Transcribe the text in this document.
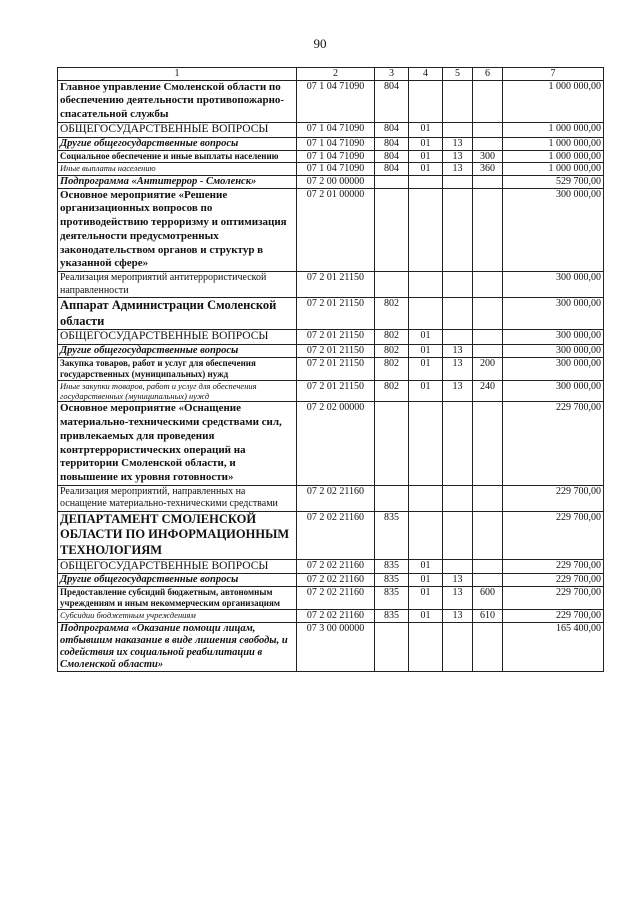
90
1	2	3	4	5	6	7
Главное управление Смоленской области по обеспечению деятельности противопожарно-спасательной службы	07 1 04 71090	804				1 000 000,00
ОБЩЕГОСУДАРСТВЕННЫЕ ВОПРОСЫ	07 1 04 71090	804	01			1 000 000,00
Другие общегосударственные вопросы	07 1 04 71090	804	01	13		1 000 000,00
Социальное обеспечение и иные выплаты населению	07 1 04 71090	804	01	13	300	1 000 000,00
Иные выплаты населению	07 1 04 71090	804	01	13	360	1 000 000,00
Подпрограмма «Антитеррор - Смоленск»	07 2 00 00000					529 700,00
Основное мероприятие «Решение организационных вопросов по противодействию терроризму и оптимизация деятельности предусмотренных законодательством органов и структур в указанной сфере»	07 2 01 00000					300 000,00
Реализация мероприятий антитеррористической направленности	07 2 01 21150					300 000,00
Аппарат Администрации Смоленской области	07 2 01 21150	802				300 000,00
ОБЩЕГОСУДАРСТВЕННЫЕ ВОПРОСЫ	07 2 01 21150	802	01			300 000,00
Другие общегосударственные вопросы	07 2 01 21150	802	01	13		300 000,00
Закупка товаров, работ и услуг для обеспечения государственных (муниципальных) нужд	07 2 01 21150	802	01	13	200	300 000,00
Иные закупки товаров, работ и услуг для обеспечения государственных (муниципальных) нужд	07 2 01 21150	802	01	13	240	300 000,00
Основное мероприятие «Оснащение материально-техническими средствами сил, привлекаемых для проведения контртеррористических операций на территории Смоленской области, и повышение их уровня готовности»	07 2 02 00000					229 700,00
Реализация мероприятий, направленных на оснащение материально-техническими средствами	07 2 02 21160					229 700,00
ДЕПАРТАМЕНТ СМОЛЕНСКОЙ ОБЛАСТИ ПО ИНФОРМАЦИОННЫМ ТЕХНОЛОГИЯМ	07 2 02 21160	835				229 700,00
ОБЩЕГОСУДАРСТВЕННЫЕ ВОПРОСЫ	07 2 02 21160	835	01			229 700,00
Другие общегосударственные вопросы	07 2 02 21160	835	01	13		229 700,00
Предоставление субсидий бюджетным, автономным учреждениям и иным некоммерческим организациям	07 2 02 21160	835	01	13	600	229 700,00
Субсидии бюджетным учреждениям	07 2 02 21160	835	01	13	610	229 700,00
Подпрограмма «Оказание помощи лицам, отбывшим наказание в виде лишения свободы, и содействия их социальной реабилитации в Смоленской области»	07 3 00 00000					165 400,00
